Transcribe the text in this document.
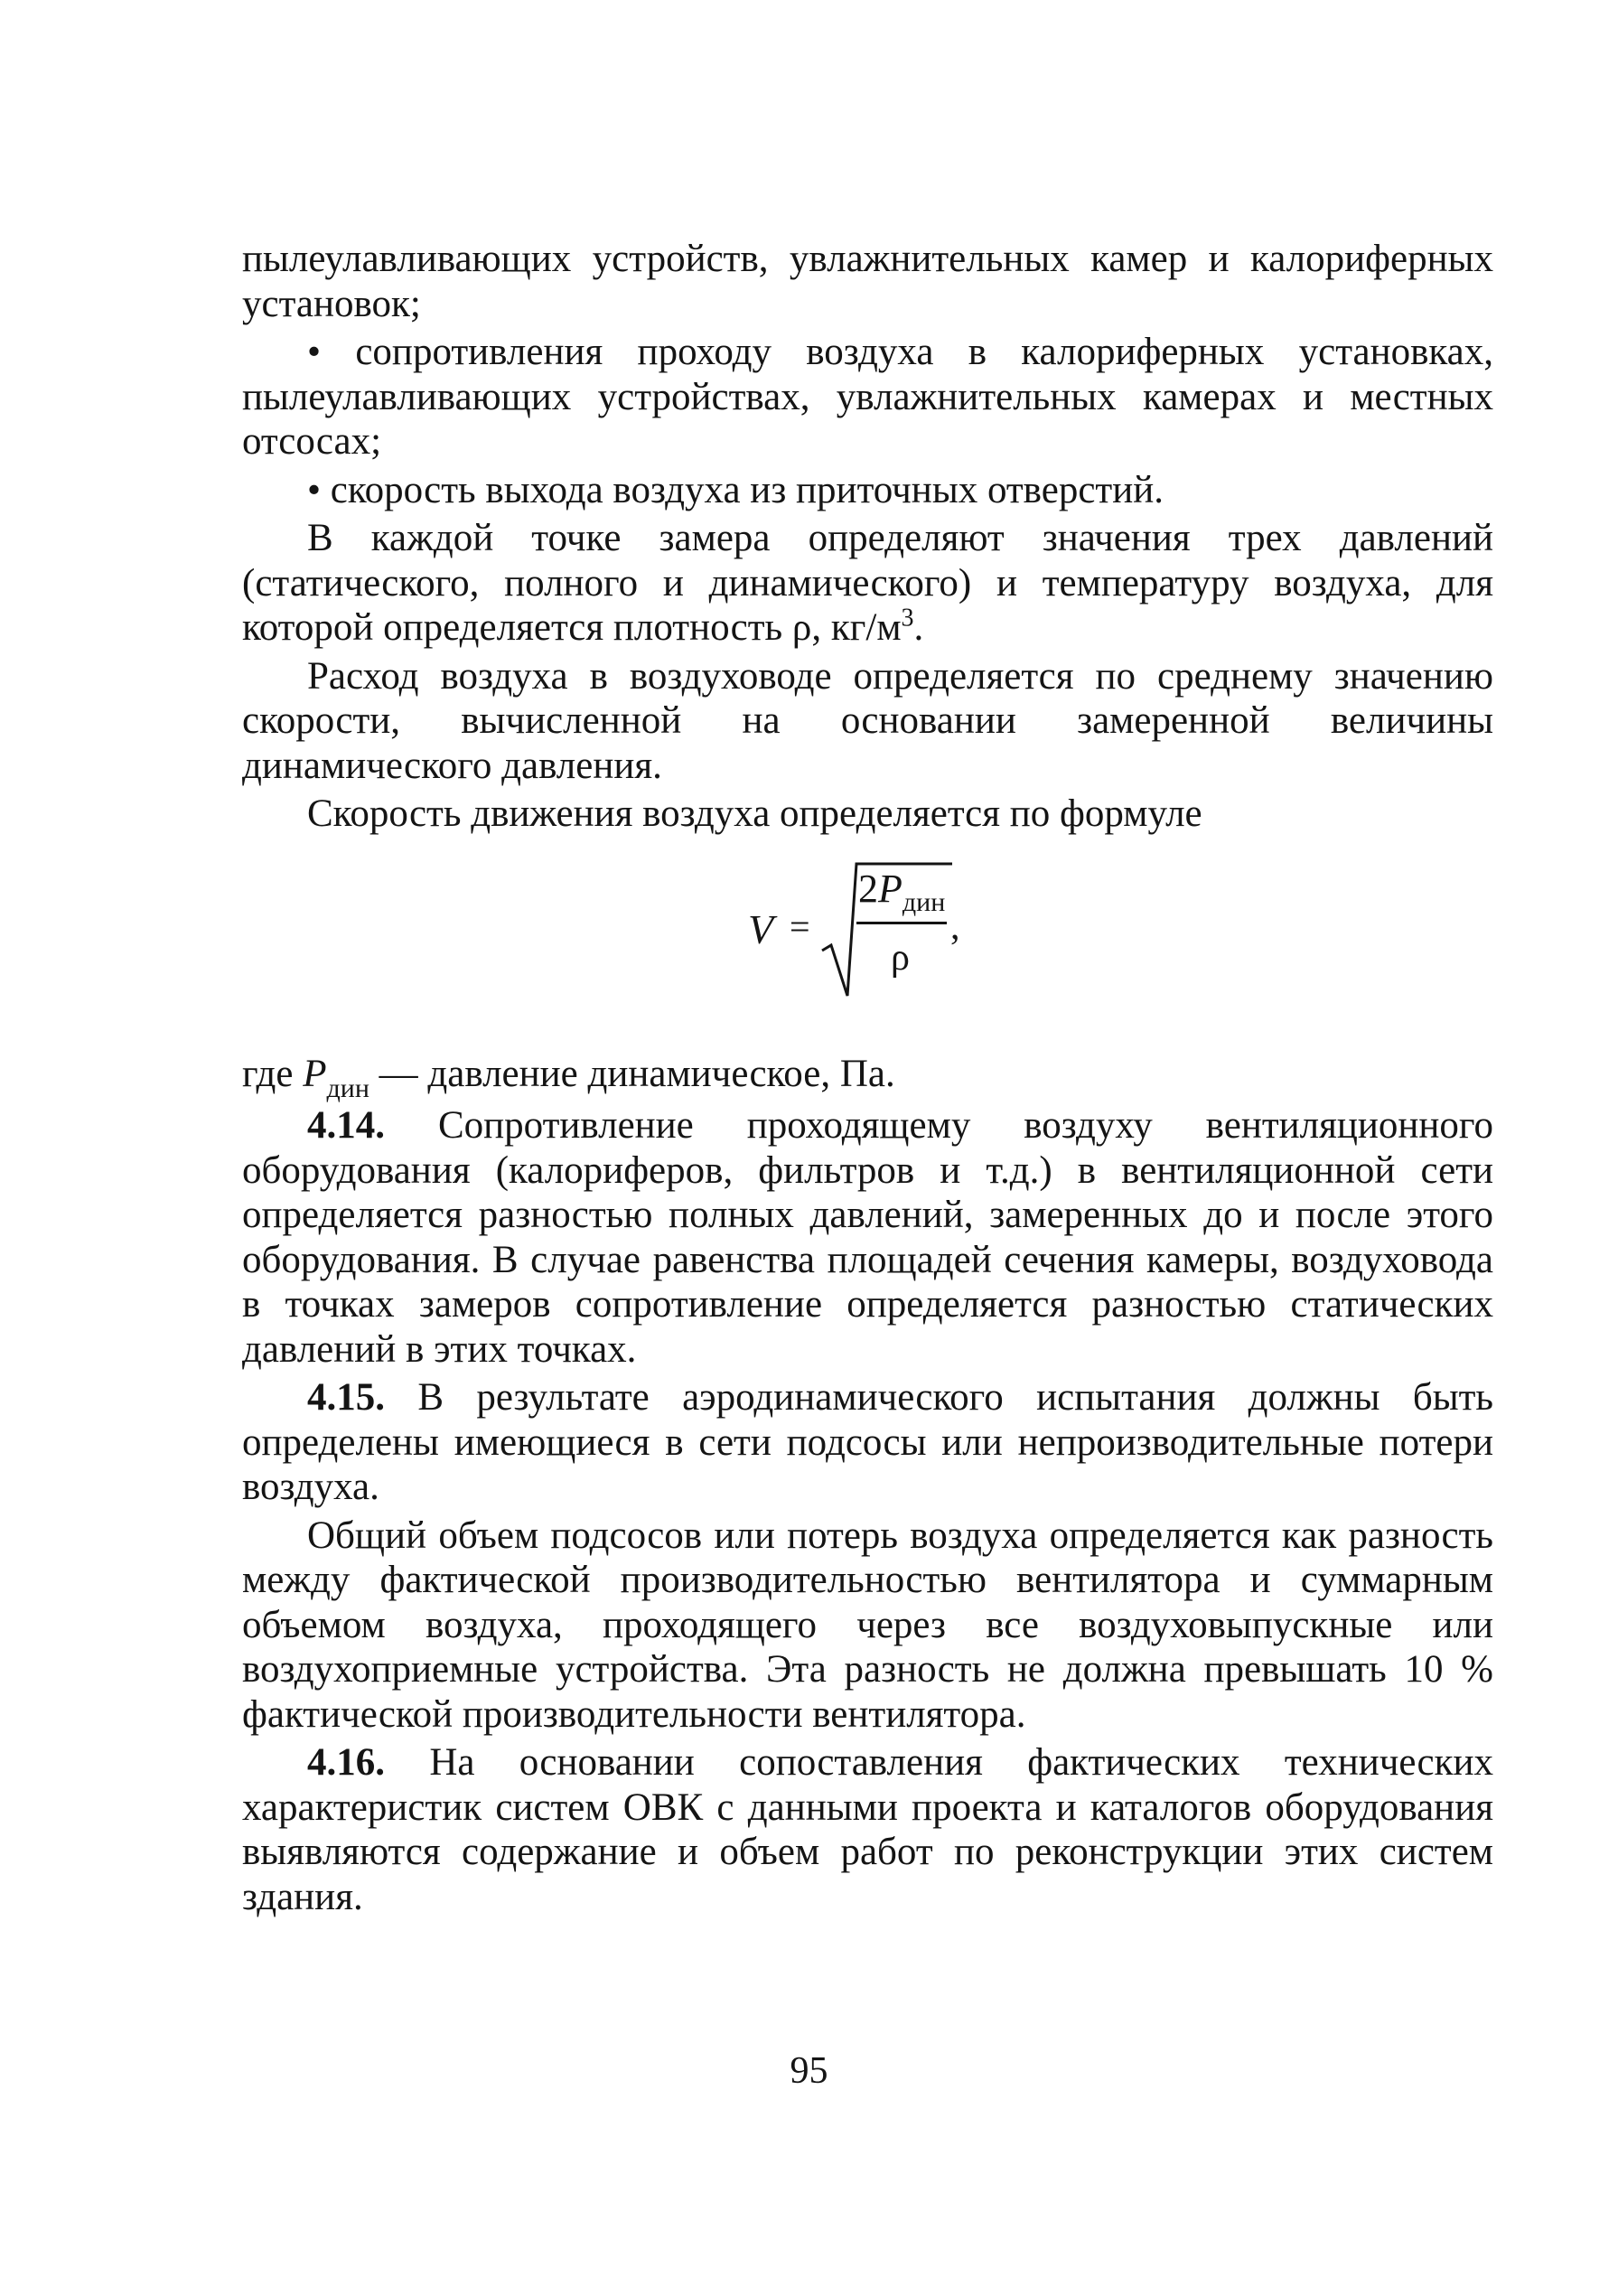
пылеулавливающих устройств, увлажнительных камер и калориферных установок;

• сопротивления проходу воздуха в калориферных установках, пылеулавливающих устройствах, увлажнительных камерах и местных отсосах;

• скорость выхода воздуха из приточных отверстий.

В каждой точке замера определяют значения трех давлений (статического, полного и динамического) и температуру воздуха, для которой определяется плотность ρ, $кг/м^3$.

Расход воздуха в воздуховоде определяется по среднему значению скорости, вычисленной на основании замеренной величины динамического давления.

Скорость движения воздуха определяется по формуле

V =
$2P_{дин}$
ρ
,

где $P_{дин}$ — давление динамическое, Па.

4.14. Сопротивление проходящему воздуху вентиляционного оборудования (калориферов, фильтров и т.д.) в вентиляционной сети определяется разностью полных давлений, замеренных до и после этого оборудования. В случае равенства площадей сечения камеры, воздуховода в точках замеров сопротивление определяется разностью статических давлений в этих точках.

4.15. В результате аэродинамического испытания должны быть определены имеющиеся в сети подсосы или непроизводительные потери воздуха.

Общий объем подсосов или потерь воздуха определяется как разность между фактической производительностью вентилятора и суммарным объемом воздуха, проходящего через все воздуховыпускные или воздухоприемные устройства. Эта разность не должна превышать 10 % фактической производительности вентилятора.

4.16. На основании сопоставления фактических технических характеристик систем ОВК с данными проекта и каталогов оборудования выявляются содержание и объем работ по реконструкции этих систем здания.

95
